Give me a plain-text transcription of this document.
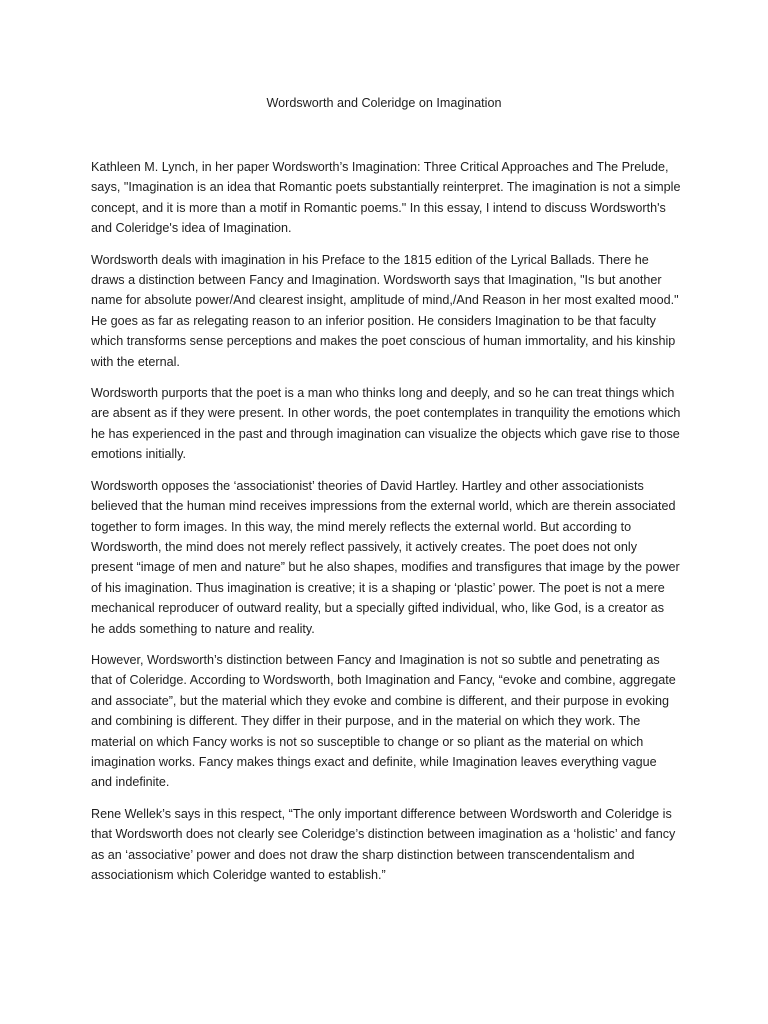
Wordsworth and Coleridge on Imagination

Kathleen M. Lynch, in her paper Wordsworth’s Imagination: Three Critical Approaches and The Prelude, says, "Imagination is an idea that Romantic poets substantially reinterpret. The imagination is not a simple concept, and it is more than a motif in Romantic poems." In this essay, I intend to discuss Wordsworth's and Coleridge's idea of Imagination.

Wordsworth deals with imagination in his Preface to the 1815 edition of the Lyrical Ballads. There he draws a distinction between Fancy and Imagination. Wordsworth says that Imagination, "Is but another name for absolute power/And clearest insight, amplitude of mind,/And Reason in her most exalted mood." He goes as far as relegating reason to an inferior position. He considers Imagination to be that faculty which transforms sense perceptions and makes the poet conscious of human immortality, and his kinship with the eternal.

Wordsworth purports that the poet is a man who thinks long and deeply, and so he can treat things which are absent as if they were present. In other words, the poet contemplates in tranquility the emotions which he has experienced in the past and through imagination can visualize the objects which gave rise to those emotions initially.

Wordsworth opposes the ‘associationist’ theories of David Hartley. Hartley and other associationists believed that the human mind receives impressions from the external world, which are therein associated together to form images. In this way, the mind merely reflects the external world. But according to Wordsworth, the mind does not merely reflect passively, it actively creates. The poet does not only present “image of men and nature” but he also shapes, modifies and transfigures that image by the power of his imagination. Thus imagination is creative; it is a shaping or ‘plastic’ power. The poet is not a mere mechanical reproducer of outward reality, but a specially gifted individual, who, like God, is a creator as he adds something to nature and reality.

However, Wordsworth’s distinction between Fancy and Imagination is not so subtle and penetrating as that of Coleridge. According to Wordsworth, both Imagination and Fancy, “evoke and combine, aggregate and associate”, but the material which they evoke and combine is different, and their purpose in evoking and combining is different. They differ in their purpose, and in the material on which they work. The material on which Fancy works is not so susceptible to change or so pliant as the material on which imagination works. Fancy makes things exact and definite, while Imagination leaves everything vague and indefinite.

Rene Wellek’s says in this respect, “The only important difference between Wordsworth and Coleridge is that Wordsworth does not clearly see Coleridge’s distinction between imagination as a ‘holistic’ and fancy as an ‘associative’ power and does not draw the sharp distinction between transcendentalism and associationism which Coleridge wanted to establish.”
